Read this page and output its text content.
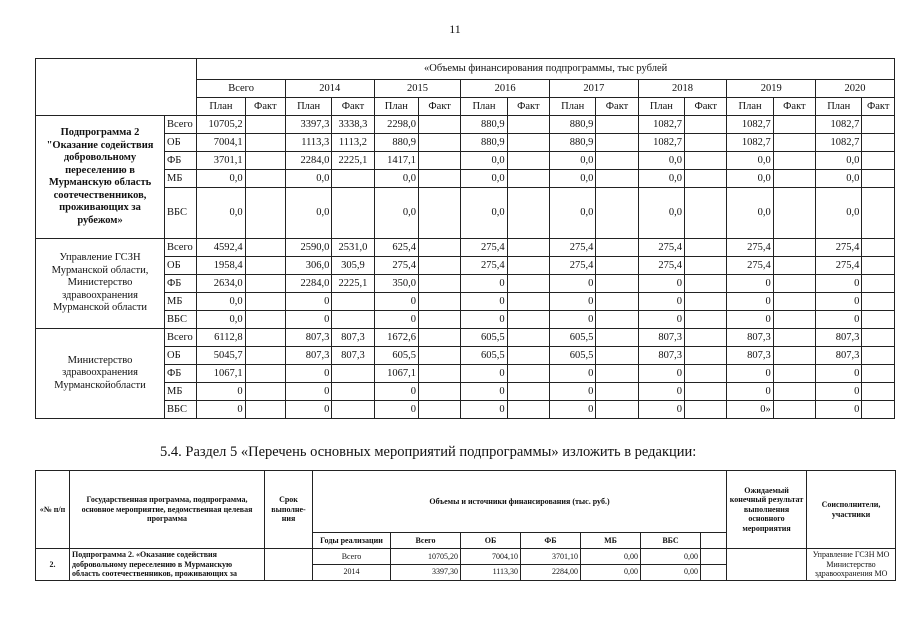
11
		«Объемы финансирования подпрограммы, тыс рублей															
		Всего		2014		2015		2016		2017		2018		2019		2020	
		План	Факт	План	Факт	План	Факт	План	Факт	План	Факт	План	Факт	План	Факт	План	Факт
Подпрограмма 2 "Оказание содействия добровольному переселению в Мурманскую область соотечественников, проживающих за рубежом»	Всего	10705,2		3397,3	3338,3	2298,0		880,9		880,9		1082,7		1082,7		1082,7	
	ОБ	7004,1		1113,3	1113,2	880,9		880,9		880,9		1082,7		1082,7		1082,7	
	ФБ	3701,1		2284,0	2225,1	1417,1		0,0		0,0		0,0		0,0		0,0	
	МБ	0,0		0,0		0,0		0,0		0,0		0,0		0,0		0,0	
	ВБС	0,0		0,0		0,0		0,0		0,0		0,0		0,0		0,0	
Управление ГСЗН Мурманской области, Министерство здравоохранения Мурманской области	Всего	4592,4		2590,0	2531,0	625,4		275,4		275,4		275,4		275,4		275,4	
	ОБ	1958,4		306,0	305,9	275,4		275,4		275,4		275,4		275,4		275,4	
	ФБ	2634,0		2284,0	2225,1	350,0		0		0		0		0		0	
	МБ	0,0		0		0		0		0		0		0		0	
	ВБС	0,0		0		0		0		0		0		0		0	
Министерство здравоохранения Мурманскойобласти	Всего	6112,8		807,3	807,3	1672,6		605,5		605,5		807,3		807,3		807,3	
	ОБ	5045,7		807,3	807,3	605,5		605,5		605,5		807,3		807,3		807,3	
	ФБ	1067,1		0		1067,1		0		0		0		0		0	
	МБ	0		0		0		0		0		0		0		0	
	ВБС	0		0		0		0		0		0		0»		0	
5.4. Раздел 5 «Перечень основных мероприятий подпрограммы» изложить в редакции:
«№ п/п	Государственная программа, подпрограмма, основное мероприятие, ведомственная целевая программа	Срок выполне-ния	Объемы и источники финансирования (тыс. руб.)							Ожидаемый конечный результат выполнения основного мероприятия	Соисполнители, участники
			Годы реализации	Всего	ОБ	ФБ	МБ	ВБС			
2.	Подпрограмма 2. «Оказание содействия добровольному переселению в Мурманскую область соотечественников, проживающих за		Всего	10705,20	7004,10	3701,10	0,00	0,00			Управление ГСЗН МО Министерство здравоохранения МО
			2014	3397,30	1113,30	2284,00	0,00	0,00			
